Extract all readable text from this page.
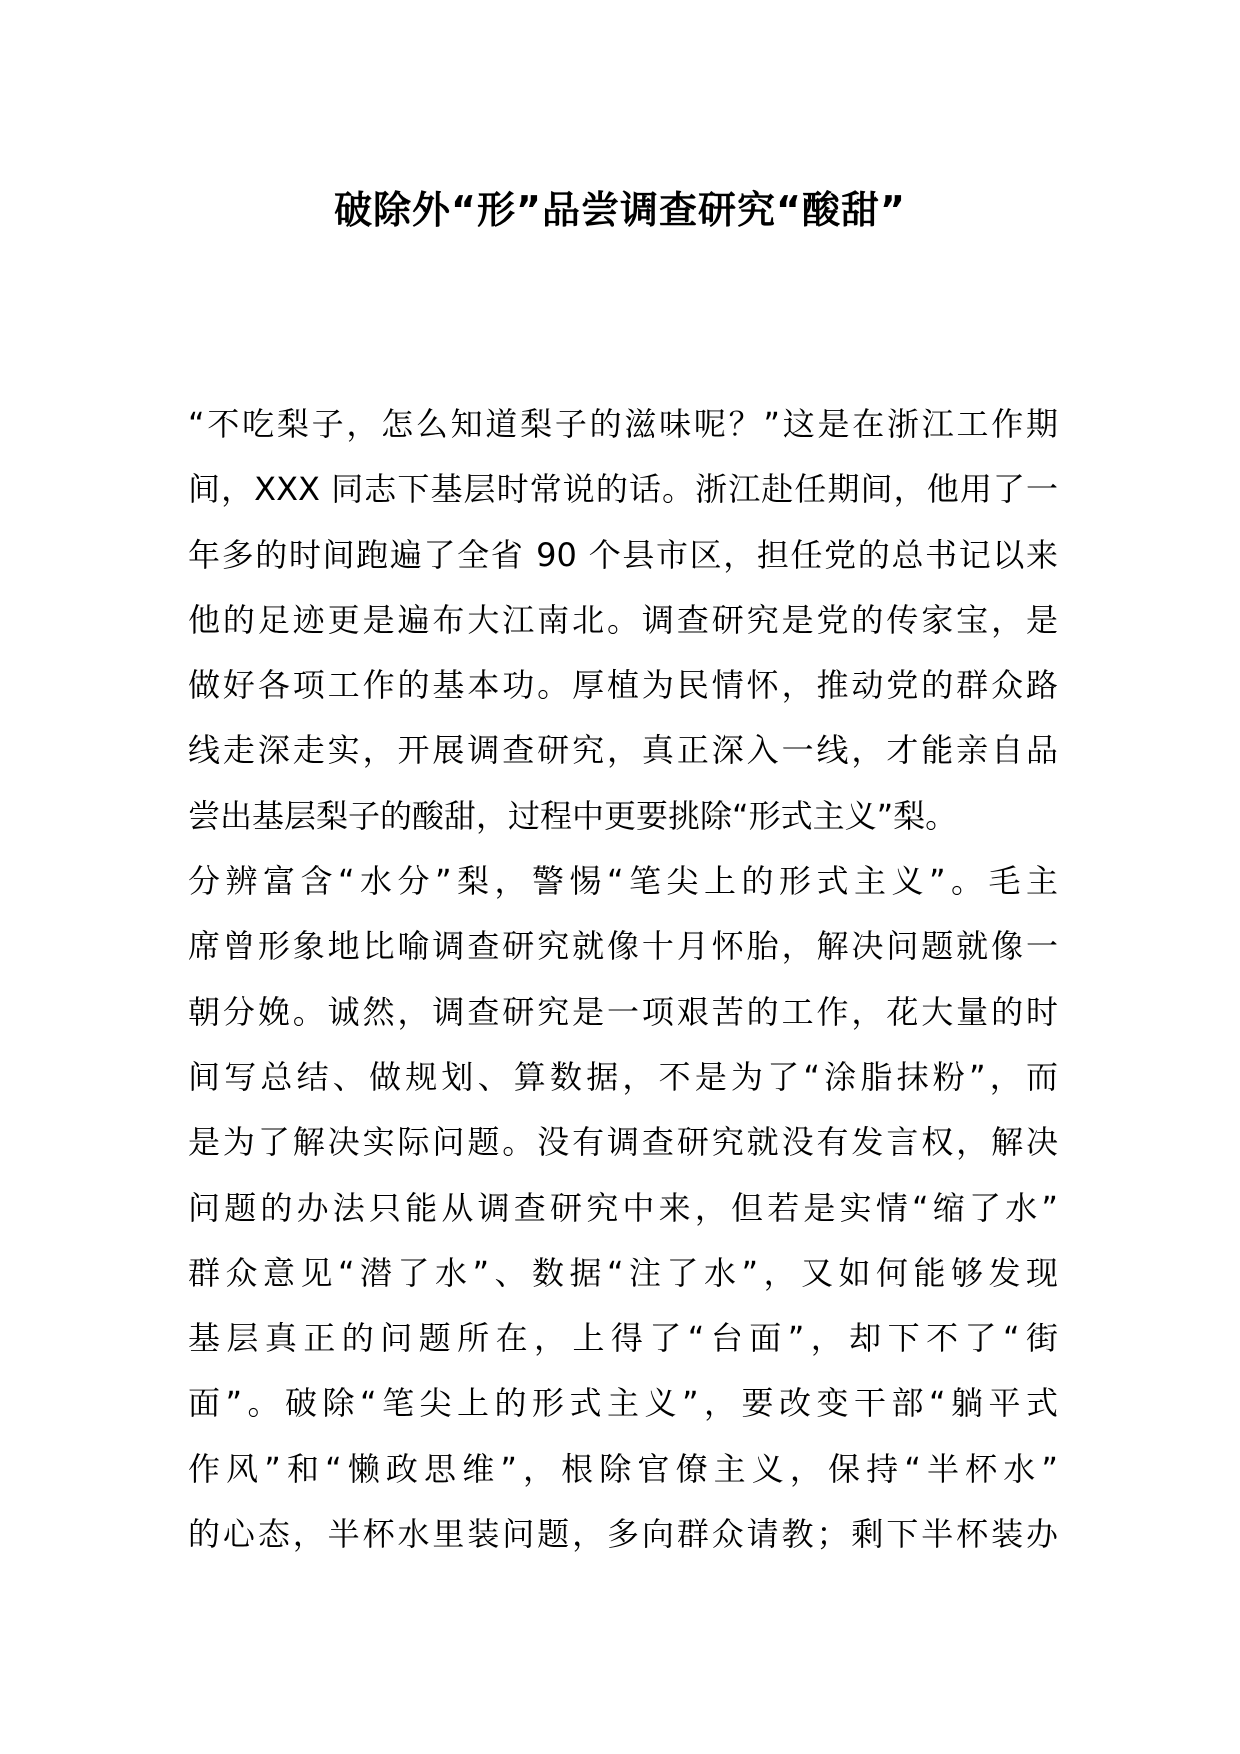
破除外“形”品尝调查研究“酸甜”
“不吃梨子，怎么知道梨子的滋味呢？”这是在浙江工作期
间，XXX 同志下基层时常说的话。浙江赴任期间，他用了一
年多的时间跑遍了全省 90 个县市区，担任党的总书记以来
他的足迹更是遍布大江南北。调查研究是党的传家宝，是
做好各项工作的基本功。厚植为民情怀，推动党的群众路
线走深走实，开展调查研究，真正深入一线，才能亲自品
尝出基层梨子的酸甜，过程中更要挑除“形式主义”梨。
分辨富含“水分”梨，警惕“笔尖上的形式主义”。毛主
席曾形象地比喻调查研究就像十月怀胎，解决问题就像一
朝分娩。诚然，调查研究是一项艰苦的工作，花大量的时
间写总结、做规划、算数据，不是为了“涂脂抹粉”，而
是为了解决实际问题。没有调查研究就没有发言权，解决
问题的办法只能从调查研究中来，但若是实情“缩了水”
群众意见“潜了水”、数据“注了水”，又如何能够发现
基层真正的问题所在，上得了“台面”，却下不了“街
面”。破除“笔尖上的形式主义”，要改变干部“躺平式
作风”和“懒政思维”，根除官僚主义，保持“半杯水”
的心态，半杯水里装问题，多向群众请教；剩下半杯装办
